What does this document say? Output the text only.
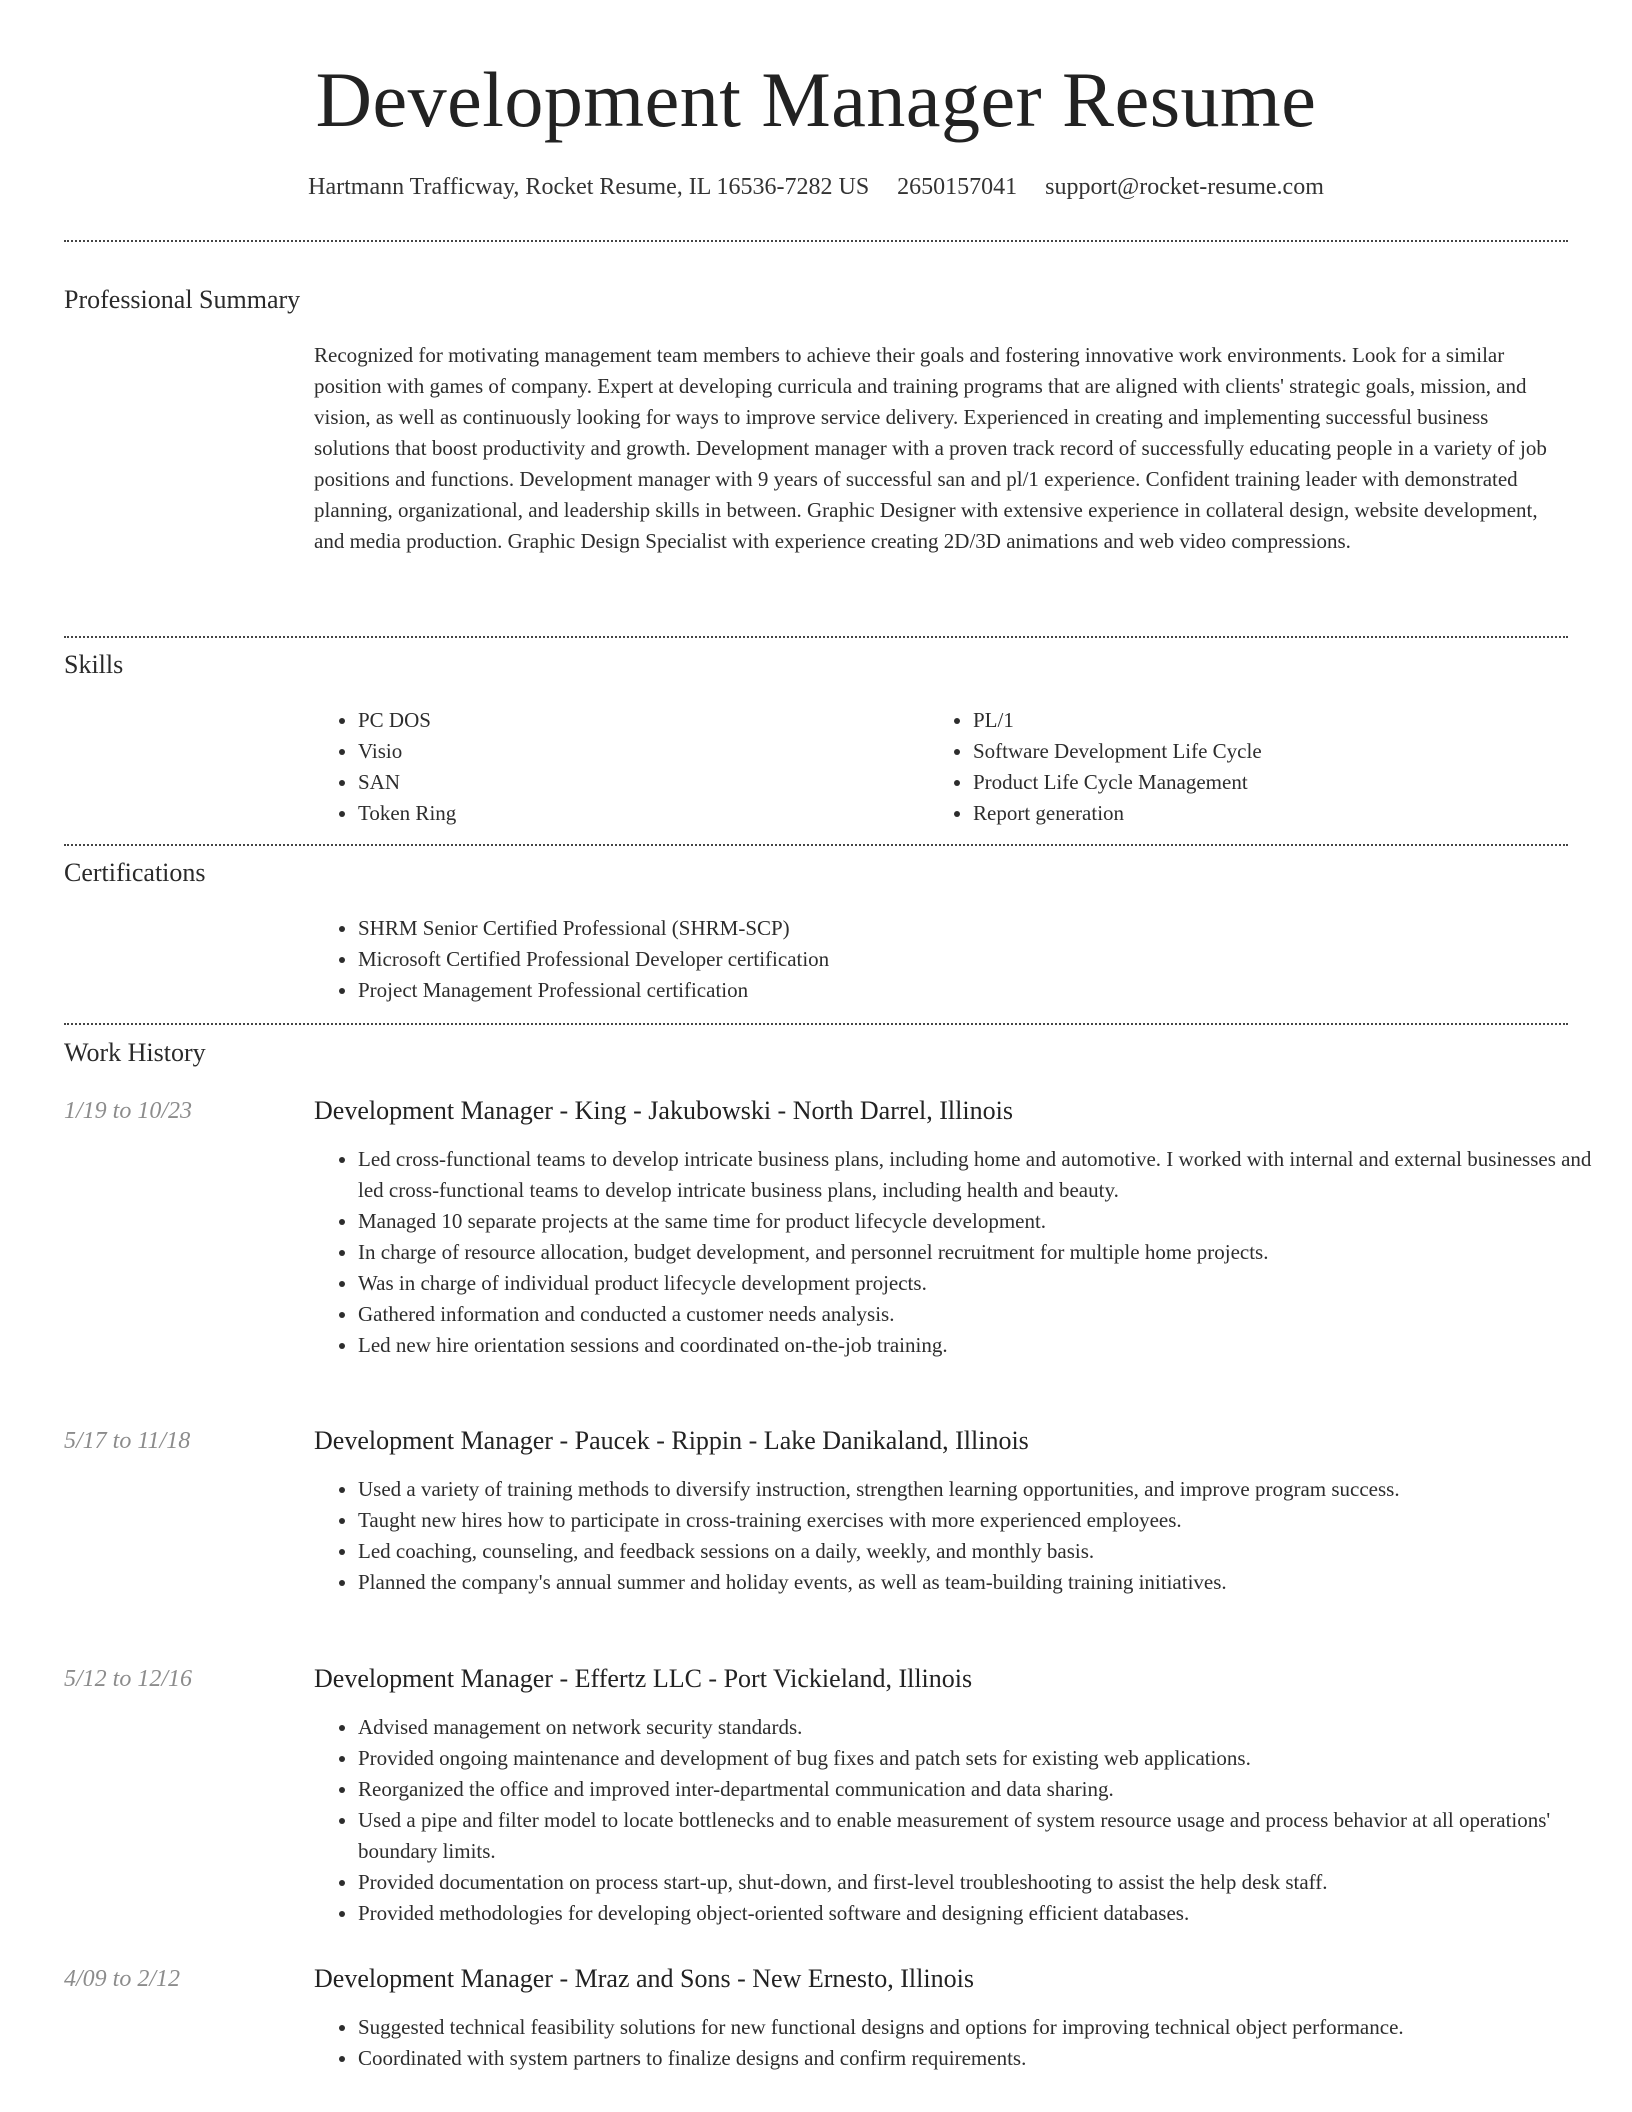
Development Manager Resume
Hartmann Trafficway, Rocket Resume, IL 16536-7282 US 2650157041 support@rocket-resume.com
Professional Summary
Recognized for motivating management team members to achieve their goals and fostering innovative work environments. Look for a similar position with games of company. Expert at developing curricula and training programs that are aligned with clients' strategic goals, mission, and vision, as well as continuously looking for ways to improve service delivery. Experienced in creating and implementing successful business solutions that boost productivity and growth. Development manager with a proven track record of successfully educating people in a variety of job positions and functions. Development manager with 9 years of successful san and pl/1 experience. Confident training leader with demonstrated planning, organizational, and leadership skills in between. Graphic Designer with extensive experience in collateral design, website development, and media production. Graphic Design Specialist with experience creating 2D/3D animations and web video compressions.
Skills
• PC DOS
• Visio
• SAN
• Token Ring
• PL/1
• Software Development Life Cycle
• Product Life Cycle Management
• Report generation
Certifications
• SHRM Senior Certified Professional (SHRM-SCP)
• Microsoft Certified Professional Developer certification
• Project Management Professional certification
Work History
1/19 to 10/23	Development Manager - King - Jakubowski - North Darrel, Illinois
• Led cross-functional teams to develop intricate business plans, including home and automotive. I worked with internal and external businesses and led cross-functional teams to develop intricate business plans, including health and beauty.
• Managed 10 separate projects at the same time for product lifecycle development.
• In charge of resource allocation, budget development, and personnel recruitment for multiple home projects.
• Was in charge of individual product lifecycle development projects.
• Gathered information and conducted a customer needs analysis.
• Led new hire orientation sessions and coordinated on-the-job training.
5/17 to 11/18	Development Manager - Paucek - Rippin - Lake Danikaland, Illinois
• Used a variety of training methods to diversify instruction, strengthen learning opportunities, and improve program success.
• Taught new hires how to participate in cross-training exercises with more experienced employees.
• Led coaching, counseling, and feedback sessions on a daily, weekly, and monthly basis.
• Planned the company's annual summer and holiday events, as well as team-building training initiatives.
5/12 to 12/16	Development Manager - Effertz LLC - Port Vickieland, Illinois
• Advised management on network security standards.
• Provided ongoing maintenance and development of bug fixes and patch sets for existing web applications.
• Reorganized the office and improved inter-departmental communication and data sharing.
• Used a pipe and filter model to locate bottlenecks and to enable measurement of system resource usage and process behavior at all operations' boundary limits.
• Provided documentation on process start-up, shut-down, and first-level troubleshooting to assist the help desk staff.
• Provided methodologies for developing object-oriented software and designing efficient databases.
4/09 to 2/12	Development Manager - Mraz and Sons - New Ernesto, Illinois
• Suggested technical feasibility solutions for new functional designs and options for improving technical object performance.
• Coordinated with system partners to finalize designs and confirm requirements.
